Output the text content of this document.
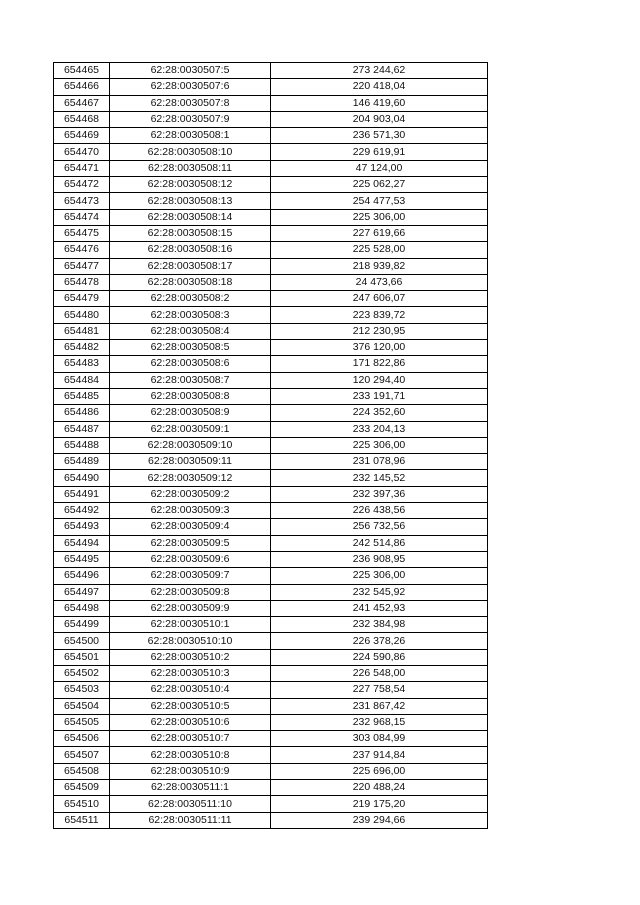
654465	62:28:0030507:5	273 244,62
654466	62:28:0030507:6	220 418,04
654467	62:28:0030507:8	146 419,60
654468	62:28:0030507:9	204 903,04
654469	62:28:0030508:1	236 571,30
654470	62:28:0030508:10	229 619,91
654471	62:28:0030508:11	47 124,00
654472	62:28:0030508:12	225 062,27
654473	62:28:0030508:13	254 477,53
654474	62:28:0030508:14	225 306,00
654475	62:28:0030508:15	227 619,66
654476	62:28:0030508:16	225 528,00
654477	62:28:0030508:17	218 939,82
654478	62:28:0030508:18	24 473,66
654479	62:28:0030508:2	247 606,07
654480	62:28:0030508:3	223 839,72
654481	62:28:0030508:4	212 230,95
654482	62:28:0030508:5	376 120,00
654483	62:28:0030508:6	171 822,86
654484	62:28:0030508:7	120 294,40
654485	62:28:0030508:8	233 191,71
654486	62:28:0030508:9	224 352,60
654487	62:28:0030509:1	233 204,13
654488	62:28:0030509:10	225 306,00
654489	62:28:0030509:11	231 078,96
654490	62:28:0030509:12	232 145,52
654491	62:28:0030509:2	232 397,36
654492	62:28:0030509:3	226 438,56
654493	62:28:0030509:4	256 732,56
654494	62:28:0030509:5	242 514,86
654495	62:28:0030509:6	236 908,95
654496	62:28:0030509:7	225 306,00
654497	62:28:0030509:8	232 545,92
654498	62:28:0030509:9	241 452,93
654499	62:28:0030510:1	232 384,98
654500	62:28:0030510:10	226 378,26
654501	62:28:0030510:2	224 590,86
654502	62:28:0030510:3	226 548,00
654503	62:28:0030510:4	227 758,54
654504	62:28:0030510:5	231 867,42
654505	62:28:0030510:6	232 968,15
654506	62:28:0030510:7	303 084,99
654507	62:28:0030510:8	237 914,84
654508	62:28:0030510:9	225 696,00
654509	62:28:0030511:1	220 488,24
654510	62:28:0030511:10	219 175,20
654511	62:28:0030511:11	239 294,66
